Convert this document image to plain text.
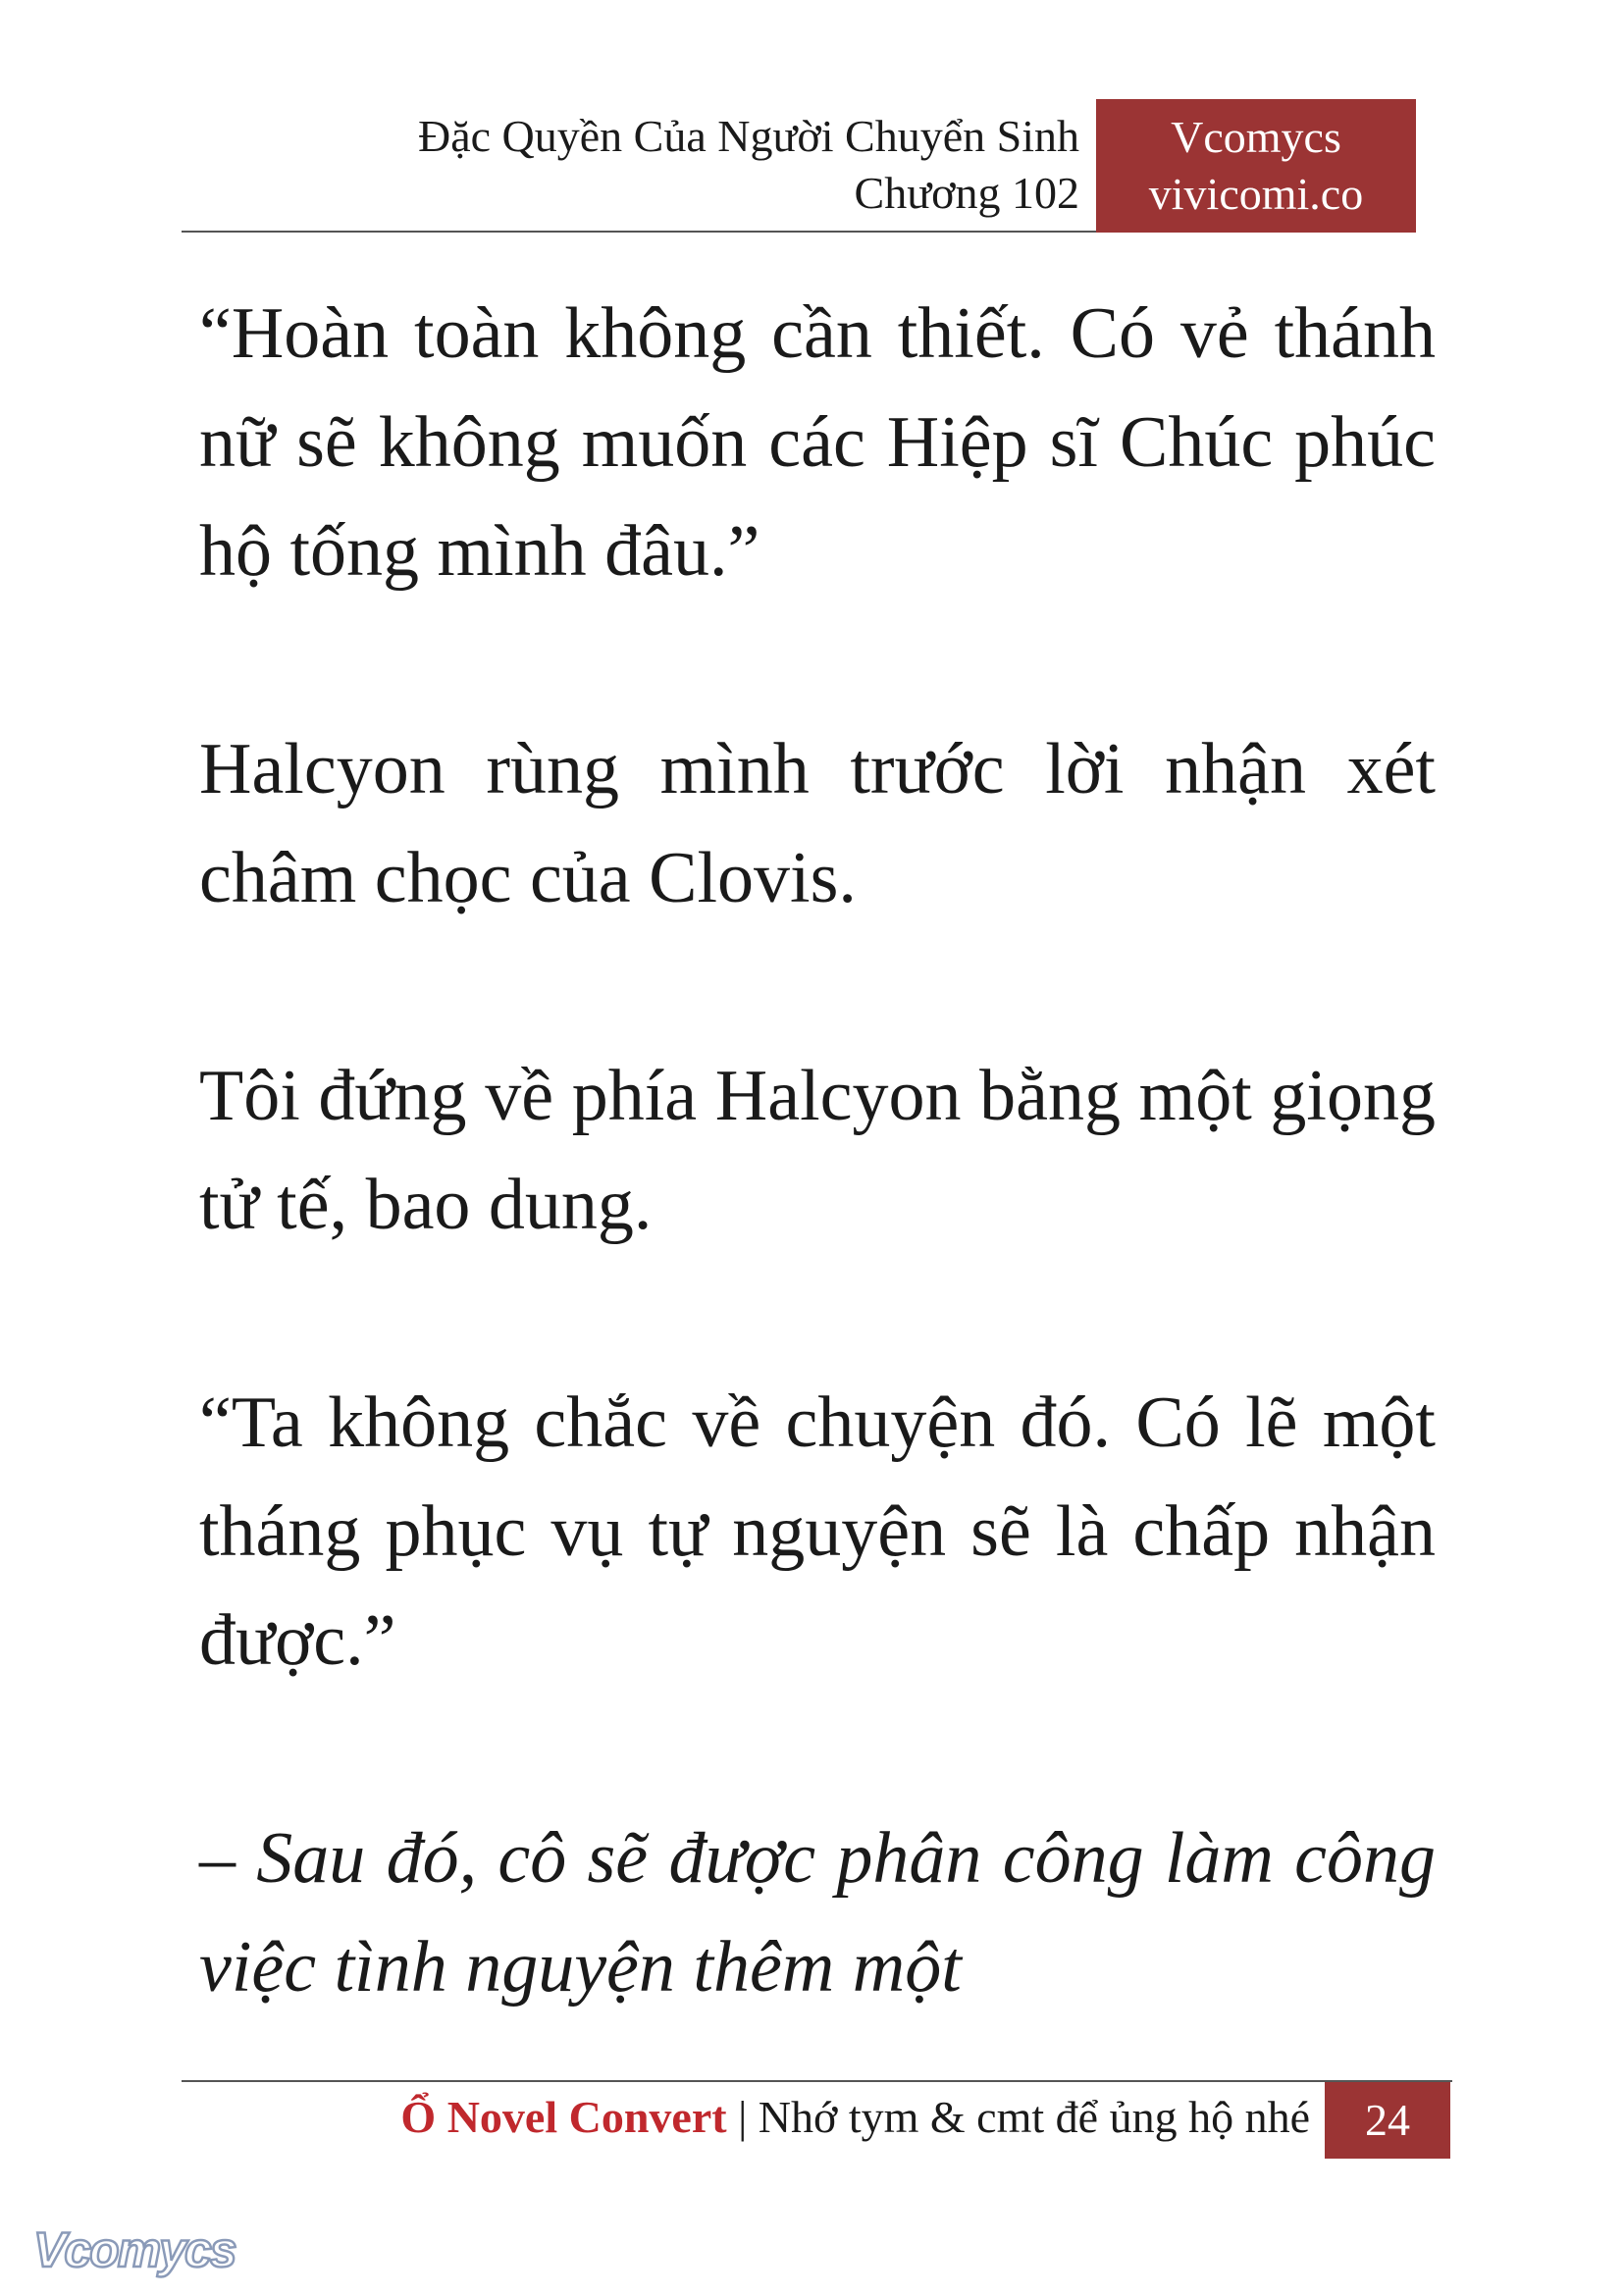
Đặc Quyền Của Người Chuyển Sinh
Chương 102
Vcomycs
vivicomi.co

“Hoàn toàn không cần thiết. Có vẻ thánh nữ sẽ không muốn các Hiệp sĩ Chúc phúc hộ tống mình đâu.”

Halcyon rùng mình trước lời nhận xét châm chọc của Clovis.

Tôi đứng về phía Halcyon bằng một giọng tử tế, bao dung.

“Ta không chắc về chuyện đó. Có lẽ một tháng phục vụ tự nguyện sẽ là chấp nhận được.”

– Sau đó, cô sẽ được phân công làm công việc tình nguyện thêm một

Ổ Novel Convert | Nhớ tym & cmt để ủng hộ nhé	24
Vcomycs
